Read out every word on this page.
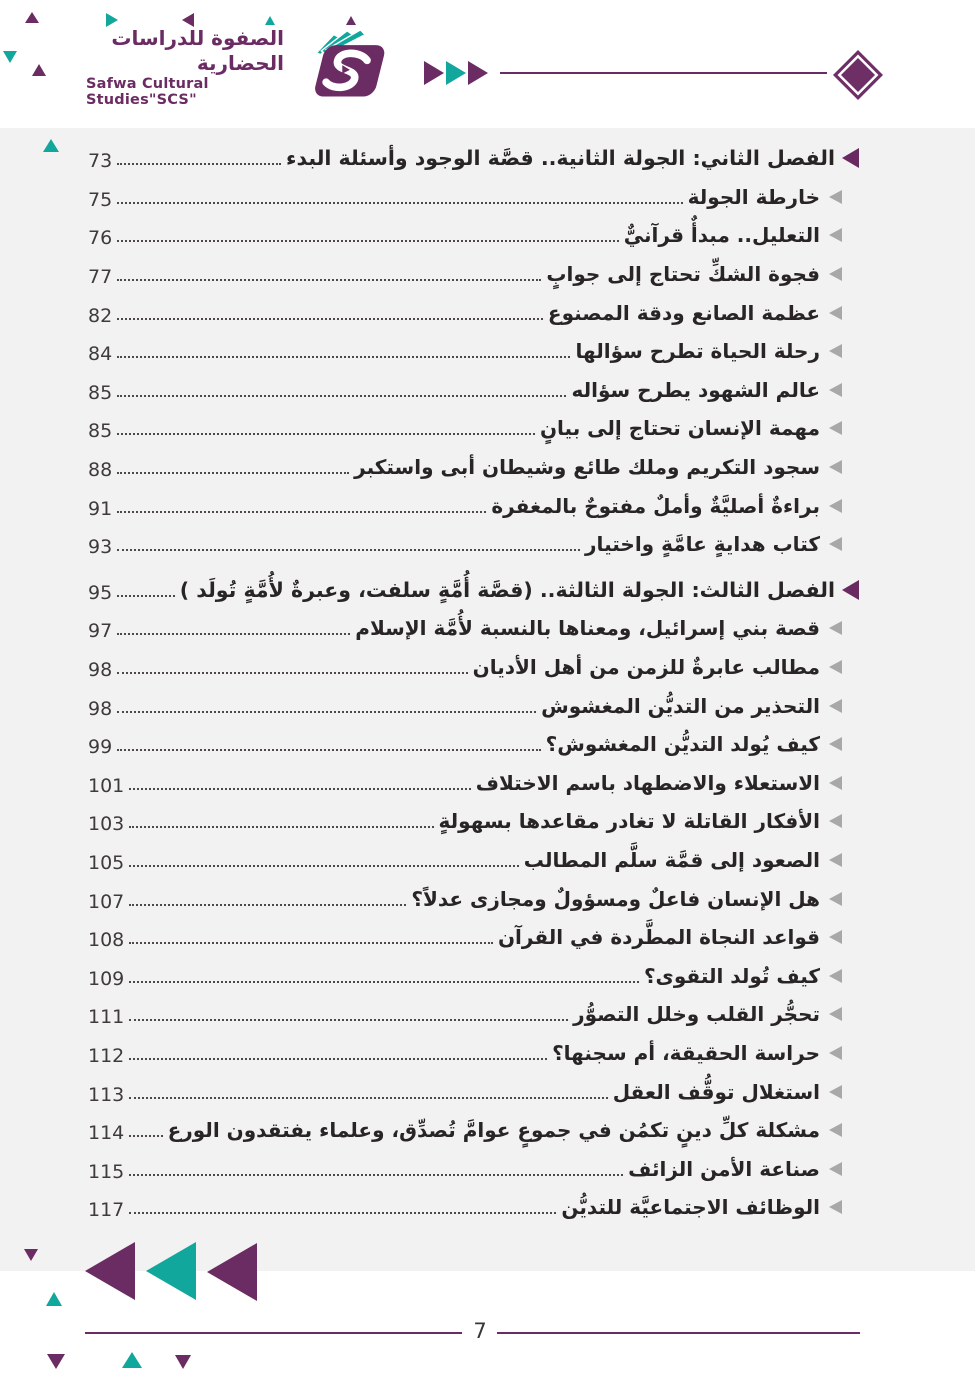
الصفوة للدراسات الحضارية
Safwa Cultural Studies"SCS"
الفصل الثاني: الجولة الثانية.. قصَّة الوجود وأسئلة البدء
73
خارطة الجولة
75
التعليل.. مبدأٌ قرآنيٌّ
76
فجوة الشكِّ تحتاج إلى جوابٍ
77
عظمة الصانع ودقة المصنوع
82
رحلة الحياة تطرح سؤالها
84
عالم الشهود يطرح سؤاله
85
مهمة الإنسان تحتاج إلى بيانٍ
85
سجود التكريم وملك طائع وشيطان أبى واستكبر
88
براءةٌ أصليَّةٌ وأملٌ مفتوحٌ بالمغفرة
91
كتاب هدايةٍ عامَّةٍ واختيار
93
الفصل الثالث: الجولة الثالثة.. (قصَّة أُمَّةٍ سلفت، وعبرةٌ لأُمَّةٍ تُولَد )
95
قصة بني إسرائيل، ومعناها بالنسبة لأُمَّة الإسلام
97
مطالب عابرةٌ للزمن من أهل الأديان
98
التحذير من التديُّن المغشوش
98
كيف يُولد التديُّن المغشوش؟
99
الاستعلاء والاضطهاد باسم الاختلاف
101
الأفكار القاتلة لا تغادر مقاعدها بسهولةٍ
103
الصعود إلى قمَّة سلَّم المطالب
105
هل الإنسان فاعلٌ ومسؤولٌ ومجازى عدلاً؟
107
قواعد النجاة المطَّردة في القرآن
108
كيف تُولد التقوى؟
109
تحجُّر القلب وخلل التصوُّر
111
حراسة الحقيقة، أم سجنها؟
112
استغلال توقُّف العقل
113
مشكلة كلِّ دينٍ تكمُن في جموعٍ عوامَّ تُصدِّق، وعلماء يفتقدون الورع
114
صناعة الأمن الزائف
115
الوظائف الاجتماعيَّة للتديُّن
117
7
